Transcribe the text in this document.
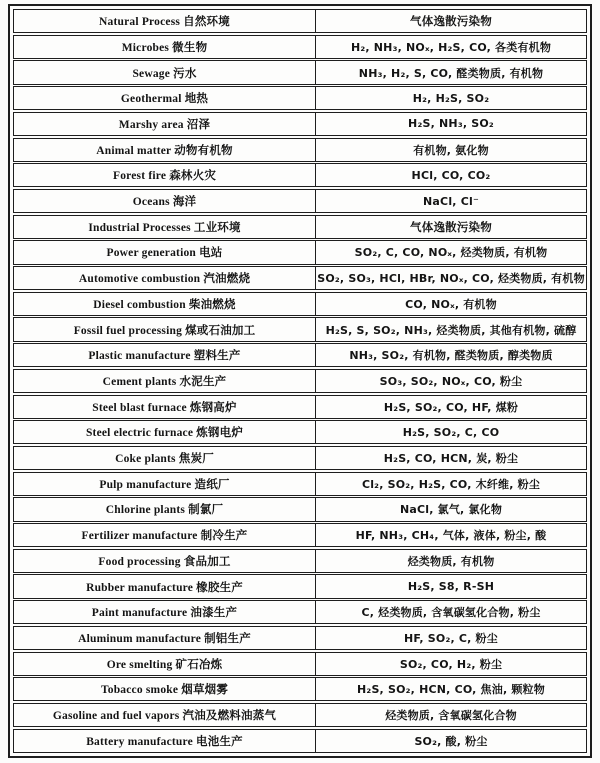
Natural Process 自然环境	气体逸散污染物
Microbes 微生物	H₂, NH₃, NOₓ, H₂S, CO, 各类有机物
Sewage 污水	NH₃, H₂, S, CO, 醛类物质, 有机物
Geothermal 地热	H₂, H₂S, SO₂
Marshy area 沼泽	H₂S, NH₃, SO₂
Animal matter 动物有机物	有机物, 氨化物
Forest fire 森林火灾	HCl, CO, CO₂
Oceans 海洋	NaCl, Cl⁻
Industrial Processes 工业环境	气体逸散污染物
Power generation 电站	SO₂, C, CO, NOₓ, 烃类物质, 有机物
Automotive combustion 汽油燃烧	SO₂, SO₃, HCl, HBr, NOₓ, CO, 烃类物质, 有机物
Diesel combustion 柴油燃烧	CO, NOₓ, 有机物
Fossil fuel processing 煤或石油加工	H₂S, S, SO₂, NH₃, 烃类物质, 其他有机物, 硫醇
Plastic manufacture 塑料生产	NH₃, SO₂, 有机物, 醛类物质, 醇类物质
Cement plants 水泥生产	SO₃, SO₂, NOₓ, CO, 粉尘
Steel blast furnace 炼钢高炉	H₂S, SO₂, CO, HF, 煤粉
Steel electric furnace 炼钢电炉	H₂S, SO₂, C, CO
Coke plants 焦炭厂	H₂S, CO, HCN, 炭, 粉尘
Pulp manufacture 造纸厂	Cl₂, SO₂, H₂S, CO, 木纤维, 粉尘
Chlorine plants 制氯厂	NaCl, 氯气, 氯化物
Fertilizer manufacture 制冷生产	HF, NH₃, CH₄, 气体, 液体, 粉尘, 酸
Food processing 食品加工	烃类物质, 有机物
Rubber manufacture 橡胶生产	H₂S, S8, R-SH
Paint manufacture 油漆生产	C, 烃类物质, 含氧碳氢化合物, 粉尘
Aluminum manufacture 制铝生产	HF, SO₂, C, 粉尘
Ore smelting 矿石冶炼	SO₂, CO, H₂, 粉尘
Tobacco smoke 烟草烟雾	H₂S, SO₂, HCN, CO, 焦油, 颗粒物
Gasoline and fuel vapors 汽油及燃料油蒸气	烃类物质, 含氧碳氢化合物
Battery manufacture 电池生产	SO₂, 酸, 粉尘
